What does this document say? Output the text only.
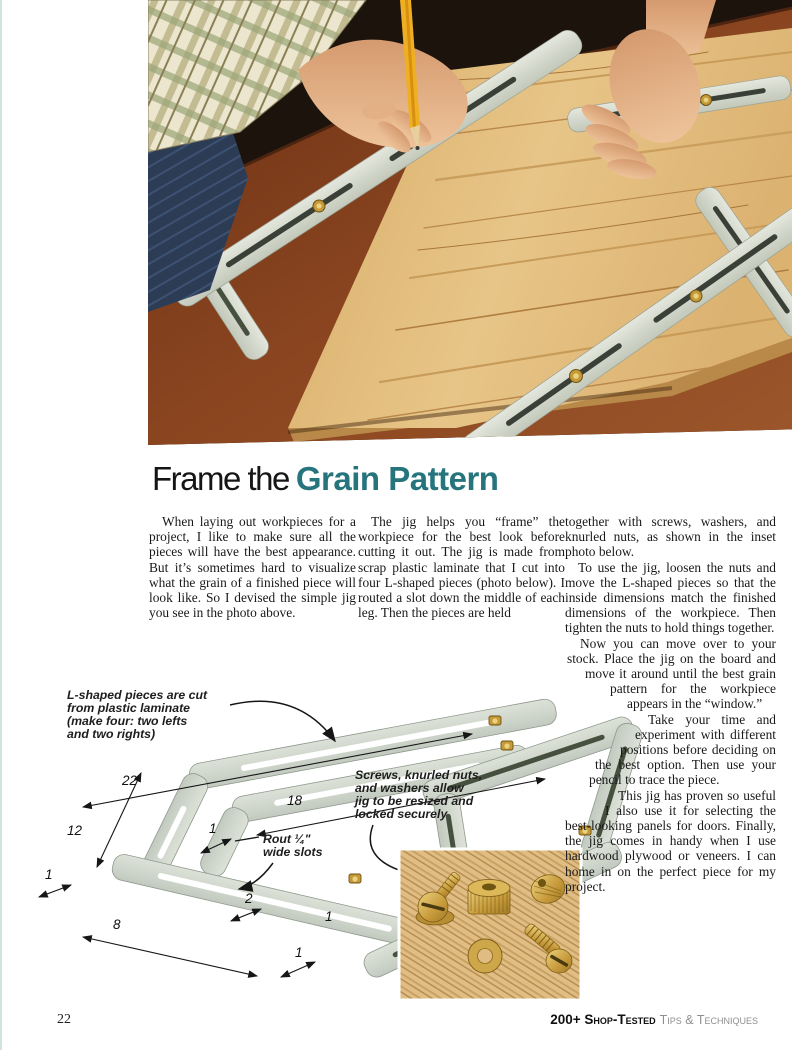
Frame the Grain Pattern

When laying out workpieces for a project, I like to make sure all the pieces will have the best appearance. But it’s sometimes hard to visualize what the grain of a finished piece will look like. So I devised the simple jig you see in the photo above.

The jig helps you “frame” the workpiece for the best look before cutting it out. The jig is made from scrap plastic laminate that I cut into four L-shaped pieces (photo below). I routed a slot down the middle of each leg. Then the pieces are held

together with screws, washers, and knurled nuts, as shown in the inset photo below.

To use the jig, loosen the nuts and move the L-shaped pieces so that the inside dimensions match the finished dimensions of the workpiece. Then tighten the nuts to hold things together.

Now you can move over to your stock. Place the jig on the board and move it around until the best grain pattern for the workpiece appears in the “window.”

Take your time and experiment with different positions before deciding on the best option. Then use your pencil to trace the piece.

This jig has proven so useful I also use it for selecting the best-looking panels for doors. Finally, the jig comes in handy when I use hardwood plywood or veneers. I can home in on the perfect piece for my project.

22
18
12
1
1
8
2
1
1
L-shaped pieces are cut
from plastic laminate
(make four: two lefts
and two rights)
Screws, knurled nuts,
and washers allow
jig to be resized and
locked securely
Rout ¼"
wide slots
22	200+ Shop-Tested Tips & Techniques
